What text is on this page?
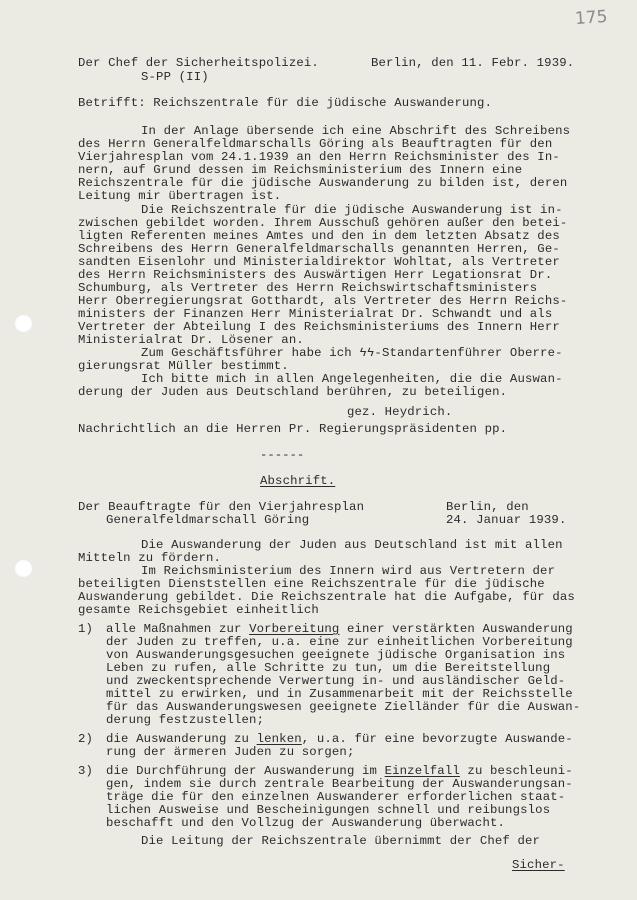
175
Der Chef der Sicherheitspolizei.	Berlin, den 11. Febr. 1939.
S-PP (II)
Betrifft: Reichszentrale für die jüdische Auswanderung.
In der Anlage übersende ich eine Abschrift des Schreibens
des Herrn Generalfeldmarschalls Göring als Beauftragten für den
Vierjahresplan vom 24.1.1939 an den Herrn Reichsminister des In-
nern, auf Grund dessen im Reichsministerium des Innern eine
Reichszentrale für die jüdische Auswanderung zu bilden ist, deren
Leitung mir übertragen ist.
Die Reichszentrale für die jüdische Auswanderung ist in-
zwischen gebildet worden. Ihrem Ausschuß gehören außer den betei-
ligten Referenten meines Amtes und den in dem letzten Absatz des
Schreibens des Herrn Generalfeldmarschalls genannten Herren, Ge-
sandten Eisenlohr und Ministerialdirektor Wohltat, als Vertreter
des Herrn Reichsministers des Auswärtigen Herr Legationsrat Dr.
Schumburg, als Vertreter des Herrn Reichswirtschaftsministers
Herr Oberregierungsrat Gotthardt, als Vertreter des Herrn Reichs-
ministers der Finanzen Herr Ministerialrat Dr. Schwandt und als
Vertreter der Abteilung I des Reichsministeriums des Innern Herr
Ministerialrat Dr. Lösener an.
Zum Geschäftsführer habe ich ϟϟ-Standartenführer Oberre-
gierungsrat Müller bestimmt.
Ich bitte mich in allen Angelegenheiten, die die Auswan-
derung der Juden aus Deutschland berühren, zu beteiligen.
gez. Heydrich.
Nachrichtlich an die Herren Pr. Regierungspräsidenten pp.
------
Abschrift.
Der Beauftragte für den Vierjahresplan
Generalfeldmarschall Göring
Berlin, den
24. Januar 1939.
Die Auswanderung der Juden aus Deutschland ist mit allen
Mitteln zu fördern.
Im Reichsministerium des Innern wird aus Vertretern der
beteiligten Dienststellen eine Reichszentrale für die jüdische
Auswanderung gebildet. Die Reichszentrale hat die Aufgabe, für das
gesamte Reichsgebiet einheitlich
1) alle Maßnahmen zur Vorbereitung einer verstärkten Auswanderung
der Juden zu treffen, u.a. eine zur einheitlichen Vorbereitung
von Auswanderungsgesuchen geeignete jüdische Organisation ins
Leben zu rufen, alle Schritte zu tun, um die Bereitstellung
und zweckentsprechende Verwertung in- und ausländischer Geld-
mittel zu erwirken, und in Zusammenarbeit mit der Reichsstelle
für das Auswanderungswesen geeignete Zielländer für die Auswan-
derung festzustellen;
2) die Auswanderung zu lenken, u.a. für eine bevorzugte Auswande-
rung der ärmeren Juden zu sorgen;
3) die Durchführung der Auswanderung im Einzelfall zu beschleuni-
gen, indem sie durch zentrale Bearbeitung der Auswanderungsan-
träge die für den einzelnen Auswanderer erforderlichen staat-
lichen Ausweise und Bescheinigungen schnell und reibungslos
beschafft und den Vollzug der Auswanderung überwacht.
Die Leitung der Reichszentrale übernimmt der Chef der
Sicher-
